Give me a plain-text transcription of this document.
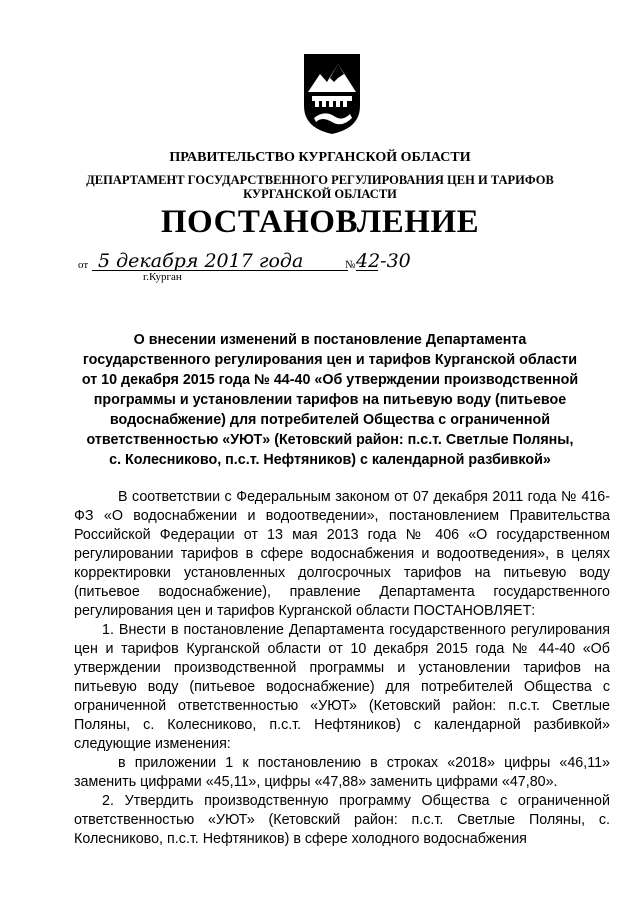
ПРАВИТЕЛЬСТВО КУРГАНСКОЙ ОБЛАСТИ
ДЕПАРТАМЕНТ ГОСУДАРСТВЕННОГО РЕГУЛИРОВАНИЯ ЦЕН И ТАРИФОВ
КУРГАНСКОЙ ОБЛАСТИ
ПОСТАНОВЛЕНИЕ
от 5 декабря 2017 года	№ 42-30
г.Курган
О внесении изменений в постановление Департамента государственного регулирования цен и тарифов Курганской области от 10 декабря 2015 года № 44-40 «Об утверждении производственной программы и установлении тарифов на питьевую воду (питьевое водоснабжение) для потребителей Общества с ограниченной ответственностью «УЮТ» (Кетовский район: п.с.т. Светлые Поляны, с. Колесниково, п.с.т. Нефтяников) с календарной разбивкой»

В соответствии с Федеральным законом от 07 декабря 2011 года № 416-ФЗ «О водоснабжении и водоотведении», постановлением Правительства Российской Федерации от 13 мая 2013 года № 406 «О государственном регулировании тарифов в сфере водоснабжения и водоотведения», в целях корректировки установленных долгосрочных тарифов на питьевую воду (питьевое водоснабжение), правление Департамента государственного регулирования цен и тарифов Курганской области ПОСТАНОВЛЯЕТ:

1. Внести в постановление Департамента государственного регулирования цен и тарифов Курганской области от 10 декабря 2015 года № 44-40 «Об утверждении производственной программы и установлении тарифов на питьевую воду (питьевое водоснабжение) для потребителей Общества с ограниченной ответственностью «УЮТ» (Кетовский район: п.с.т. Светлые Поляны, с. Колесниково, п.с.т. Нефтяников) с календарной разбивкой» следующие изменения:

в приложении 1 к постановлению в строках «2018» цифры «46,11» заменить цифрами «45,11», цифры «47,88» заменить цифрами «47,80».

2. Утвердить производственную программу Общества с ограниченной ответственностью «УЮТ» (Кетовский район: п.с.т. Светлые Поляны, с. Колесниково, п.с.т. Нефтяников) в сфере холодного водоснабжения
